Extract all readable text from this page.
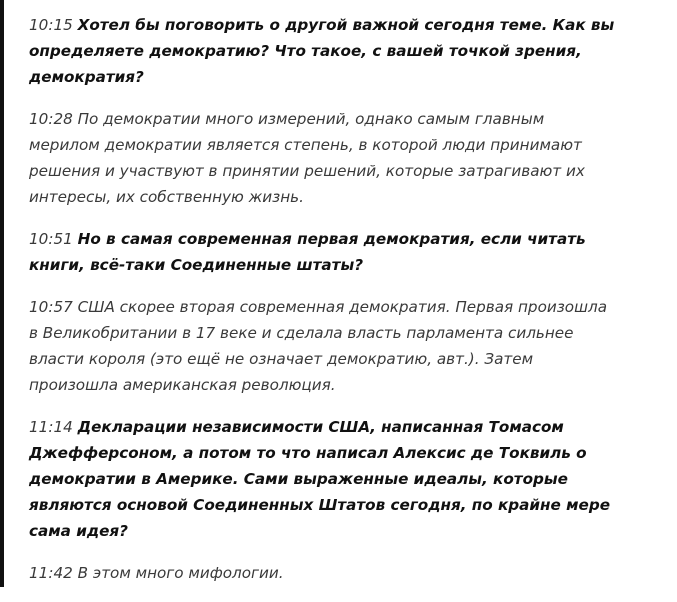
10:15 Хотел бы поговорить о другой важной сегодня теме. Как вы определяете демократию? Что такое, с вашей точкой зрения, демократия?

10:28 По демократии много измерений, однако самым главным мерилом демократии является степень, в которой люди принимают решения и участвуют в принятии решений, которые затрагивают их интересы, их собственную жизнь.

10:51 Но в самая современная первая демократия, если читать книги, всё-таки Соединенные штаты?

10:57 США скорее вторая современная демократия. Первая произошла в Великобритании в 17 веке и сделала власть парламента сильнее власти короля (это ещё не означает демократию, авт.). Затем произошла американская революция.

11:14 Декларации независимости США, написанная Томасом Джефферсоном, а потом то что написал Алексис де Токвиль о демократии в Америке. Сами выраженные идеалы, которые являются основой Соединенных Штатов сегодня, по крайне мере сама идея?

11:42 В этом много мифологии.
